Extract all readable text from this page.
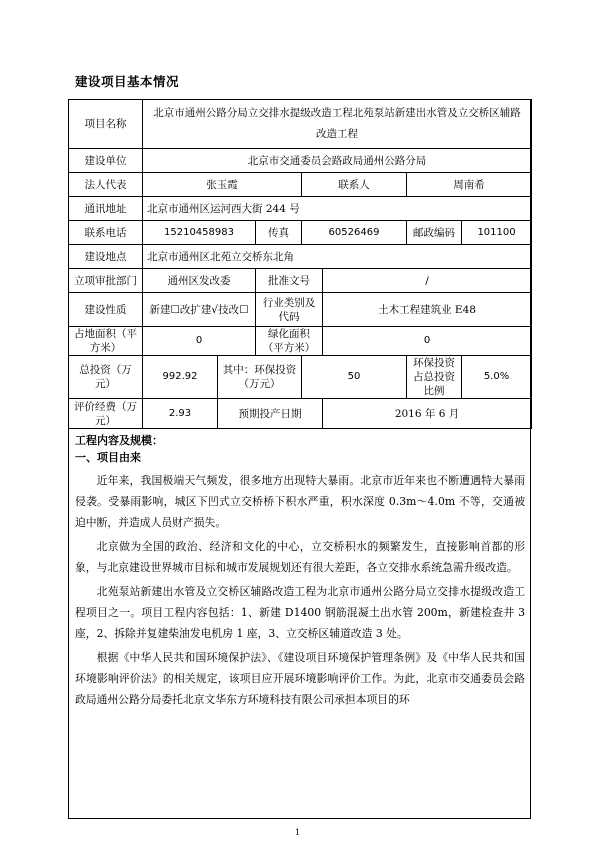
建设项目基本情况
项目名称	北京市通州公路分局立交排水提级改造工程北苑泵站新建出水管及立交桥区辅路改造工程						
建设单位	北京市交通委员会路政局通州公路分局						
法人代表	张玉霞			联系人		周南希	
通讯地址	北京市通州区运河西大街 244 号						
联系电话	15210458983		传真	60526469		邮政编码	101100
建设地点	北京市通州区北苑立交桥东北角						
立项审批部门	通州区发改委		批准文号		/		
建设性质	新建☐改扩建√技改☐		行业类别及代码		土木工程建筑业 E48		
占地面积（平方米）	0		绿化面积（平方米）		0		
总投资（万元）	992.92	其中：环保投资（万元）		50		环保投资占总投资比例	5.0%
评价经费（万元）	2.93	预期投产日期			2016 年 6 月		
工程内容及规模：
一、项目由来

近年来，我国极端天气频发，很多地方出现特大暴雨。北京市近年来也不断遭遇特大暴雨侵袭。受暴雨影响，城区下凹式立交桥桥下积水严重，积水深度 0.3m～4.0m 不等，交通被迫中断，并造成人员财产损失。

北京做为全国的政治、经济和文化的中心，立交桥积水的频繁发生，直接影响首都的形象，与北京建设世界城市目标和城市发展规划还有很大差距，各立交排水系统急需升级改造。

北苑泵站新建出水管及立交桥区辅路改造工程为北京市通州公路分局立交排水提级改造工程项目之一。项目工程内容包括：1、新建 D1400 钢筋混凝土出水管 200m，新建检查井 3 座，2、拆除并复建柴油发电机房 1 座，3、立交桥区辅道改造 3 处。

根据《中华人民共和国环境保护法》、《建设项目环境保护管理条例》及《中华人民共和国环境影响评价法》的相关规定，该项目应开展环境影响评价工作。为此，北京市交通委员会路政局通州公路分局委托北京文华东方环境科技有限公司承担本项目的环

1
